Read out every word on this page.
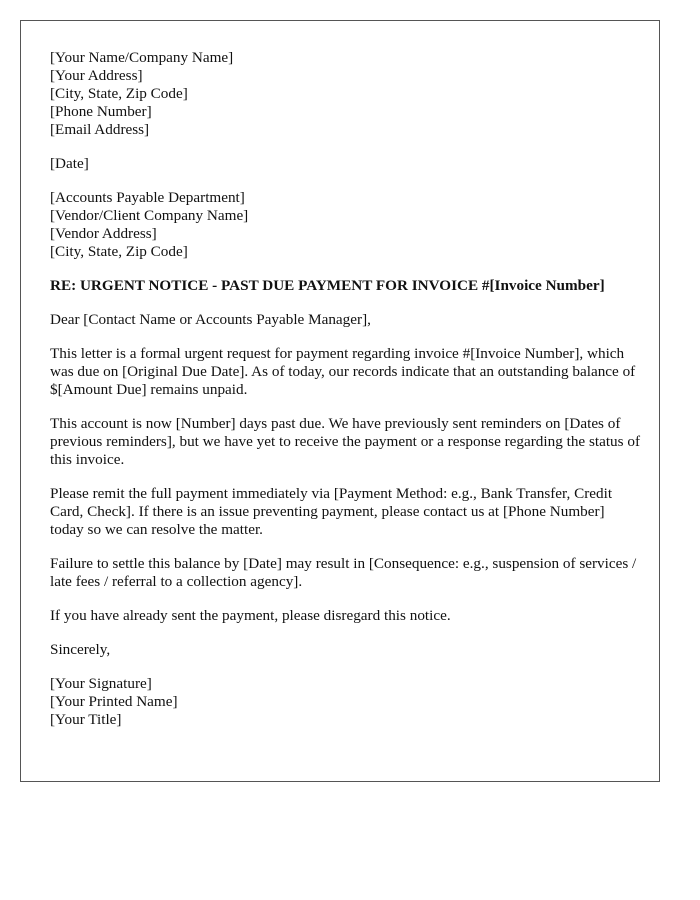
[Your Name/Company Name]
[Your Address]
[City, State, Zip Code]
[Phone Number]
[Email Address]
[Date]
[Accounts Payable Department]
[Vendor/Client Company Name]
[Vendor Address]
[City, State, Zip Code]
RE: URGENT NOTICE - PAST DUE PAYMENT FOR INVOICE #[Invoice Number]

Dear [Contact Name or Accounts Payable Manager],

This letter is a formal urgent request for payment regarding invoice #[Invoice Number], which was due on [Original Due Date]. As of today, our records indicate that an outstanding balance of $[Amount Due] remains unpaid.

This account is now [Number] days past due. We have previously sent reminders on [Dates of previous reminders], but we have yet to receive the payment or a response regarding the status of this invoice.

Please remit the full payment immediately via [Payment Method: e.g., Bank Transfer, Credit Card, Check]. If there is an issue preventing payment, please contact us at [Phone Number] today so we can resolve the matter.

Failure to settle this balance by [Date] may result in [Consequence: e.g., suspension of services / late fees / referral to a collection agency].

If you have already sent the payment, please disregard this notice.

Sincerely,

[Your Signature]
[Your Printed Name]
[Your Title]
